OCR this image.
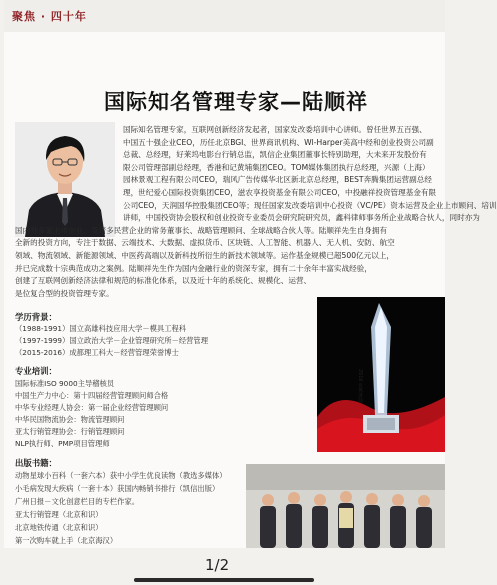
聚焦 · 四十年
国际知名管理专家—陆顺祥
国际知名管理专家，互联网创新经济发起者，国家发改委培训中心讲师。曾任世界五百强、
中国五十强企业CEO，历任北京BGI、世界商讯机构、Wl-Harper美高中经和创业投资公司副
总裁、总经理，好莱坞电影台行销总监，凯信企业集团董事长特别助理，大未来开发股份有
限公司管理部副总经理，香港和记黄埔集团CEO。TOM媒体集团执行总经理，兴源（上海）
园林景观工程有限公司CEO，瑞风广告传媒华北区新北京总经理，BEST奔腾集团运营副总经
理，世纪爱心国际投资集团CEO，滋农享投资基金有限公司CEO，中投融祥投资管理基金有限
公司CEO，天润国华控股集团CEO等；现任国家发改委培训中心投资（VC/PE）资本运营及企业上市顾问、培训
讲师，中国投资协会股权和创业投资专业委员会研究院研究员，鑫科律师事务所企业战略合伙人，同时亦为
国内外多家上市企业、及诸多民营企业的常务董事长、战略管理顾问、全球战略合伙人等。陆顺祥先生自身拥有
全新的投资方向，专注于数据、云端技术、大数据、虚拟货币、区块链、人工智能、机器人、无人机、安防、航空
领域、物流领域、新能源领域、中医药高端以及新科技所衍生的新技术领域等。运作基金规模已超500亿元以上，
并已完成数十宗典范成功之案例。陆顺祥先生作为国内金融行业的资深专家，拥有二十余年丰富实战经验，
创建了互联网创新经济法律和规范的标准化体系，以及近十年的系统化、规模化、运营、
是位复合型的投资管理专家。
学历背景：
（1988-1991）国立高雄科技应用大学－模具工程科
（1997-1999）国立政治大学－企业管理研究所－经营管理
（2015-2016）成都理工科大－经营管理荣誉博士
专业培训：
国际标准ISO 9000主导稽核员
中国生产力中心：第十四届经营管理顾问师合格
中华专业经理人协会：第一届企业经营管理顾问
中华民国物流协会：物流管理顾问
亚太行销管理协会：行销管理顾问
NLP执行师、PMP项目管理师
出版书籍：
动物星球小百科（一套六本）获中小学生优良读物（教选多媒体）
小毛病发现大疾病（一套十本）获国内畅销书排行（凯信出版）
广州日报－文化创意栏目的专栏作家。
亚太行销管理（北京和识）
北京地铁传通（北京和识）
第一次购车就上手（北京海汉）
2016 优秀讲师
1/2
